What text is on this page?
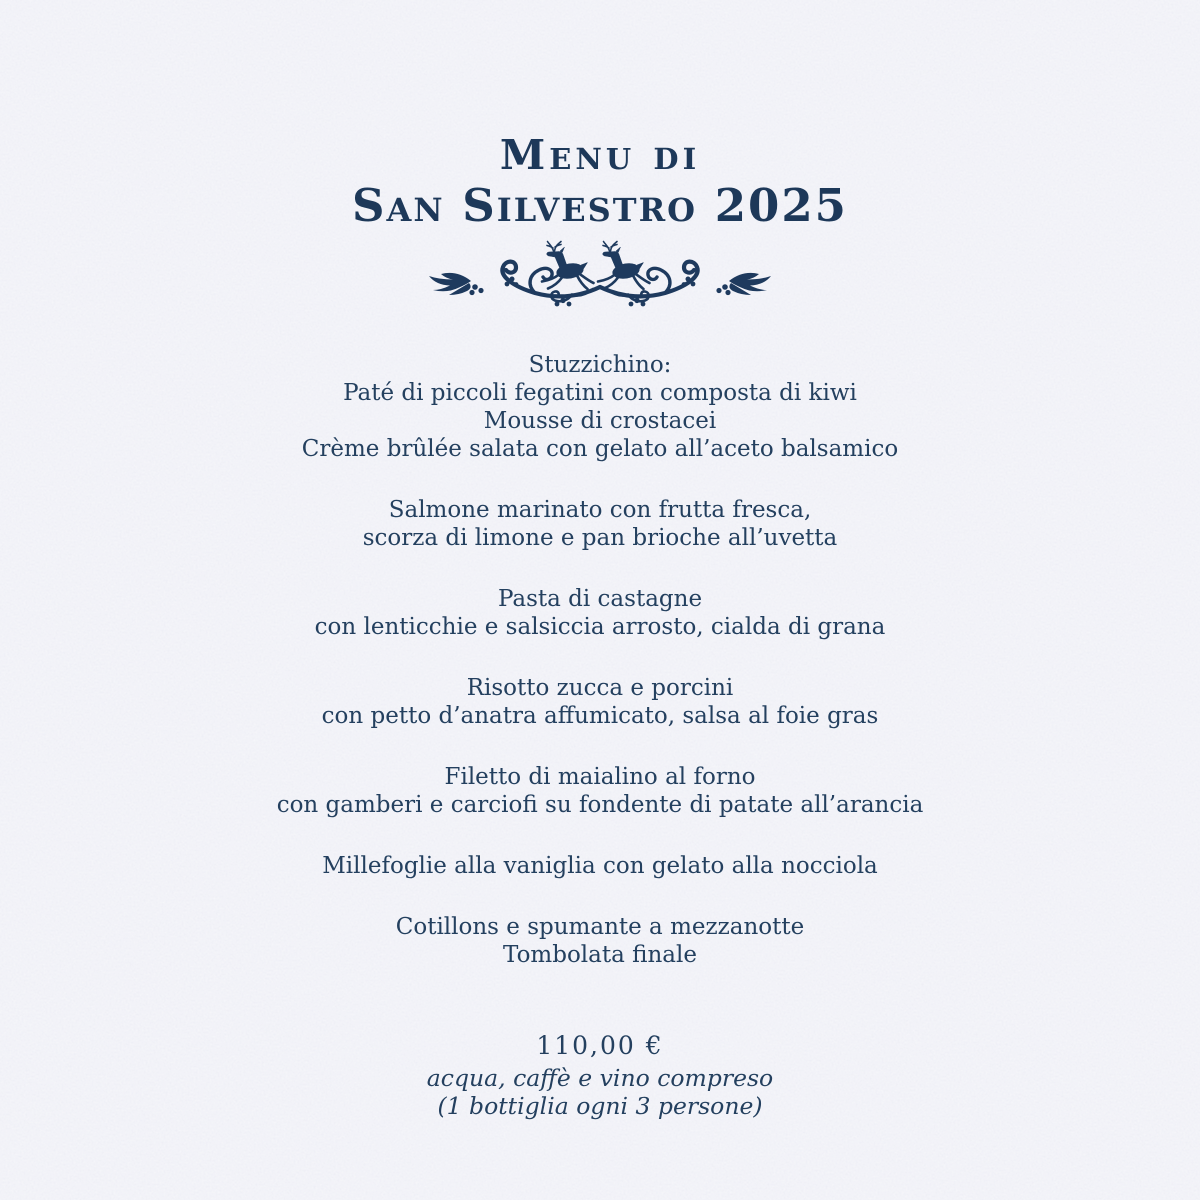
Menu di
San Silvestro 2025

Stuzzichino:
Paté di piccoli fegatini con composta di kiwi
Mousse di crostacei
Crème brûlée salata con gelato all’aceto balsamico

Salmone marinato con frutta fresca,
scorza di limone e pan brioche all’uvetta

Pasta di castagne
con lenticchie e salsiccia arrosto, cialda di grana

Risotto zucca e porcini
con petto d’anatra affumicato, salsa al foie gras

Filetto di maialino al forno
con gamberi e carciofi su fondente di patate all’arancia

Millefoglie alla vaniglia con gelato alla nocciola

Cotillons e spumante a mezzanotte
Tombolata finale

110,00 €

acqua, caffè e vino compreso

(1 bottiglia ogni 3 persone)
